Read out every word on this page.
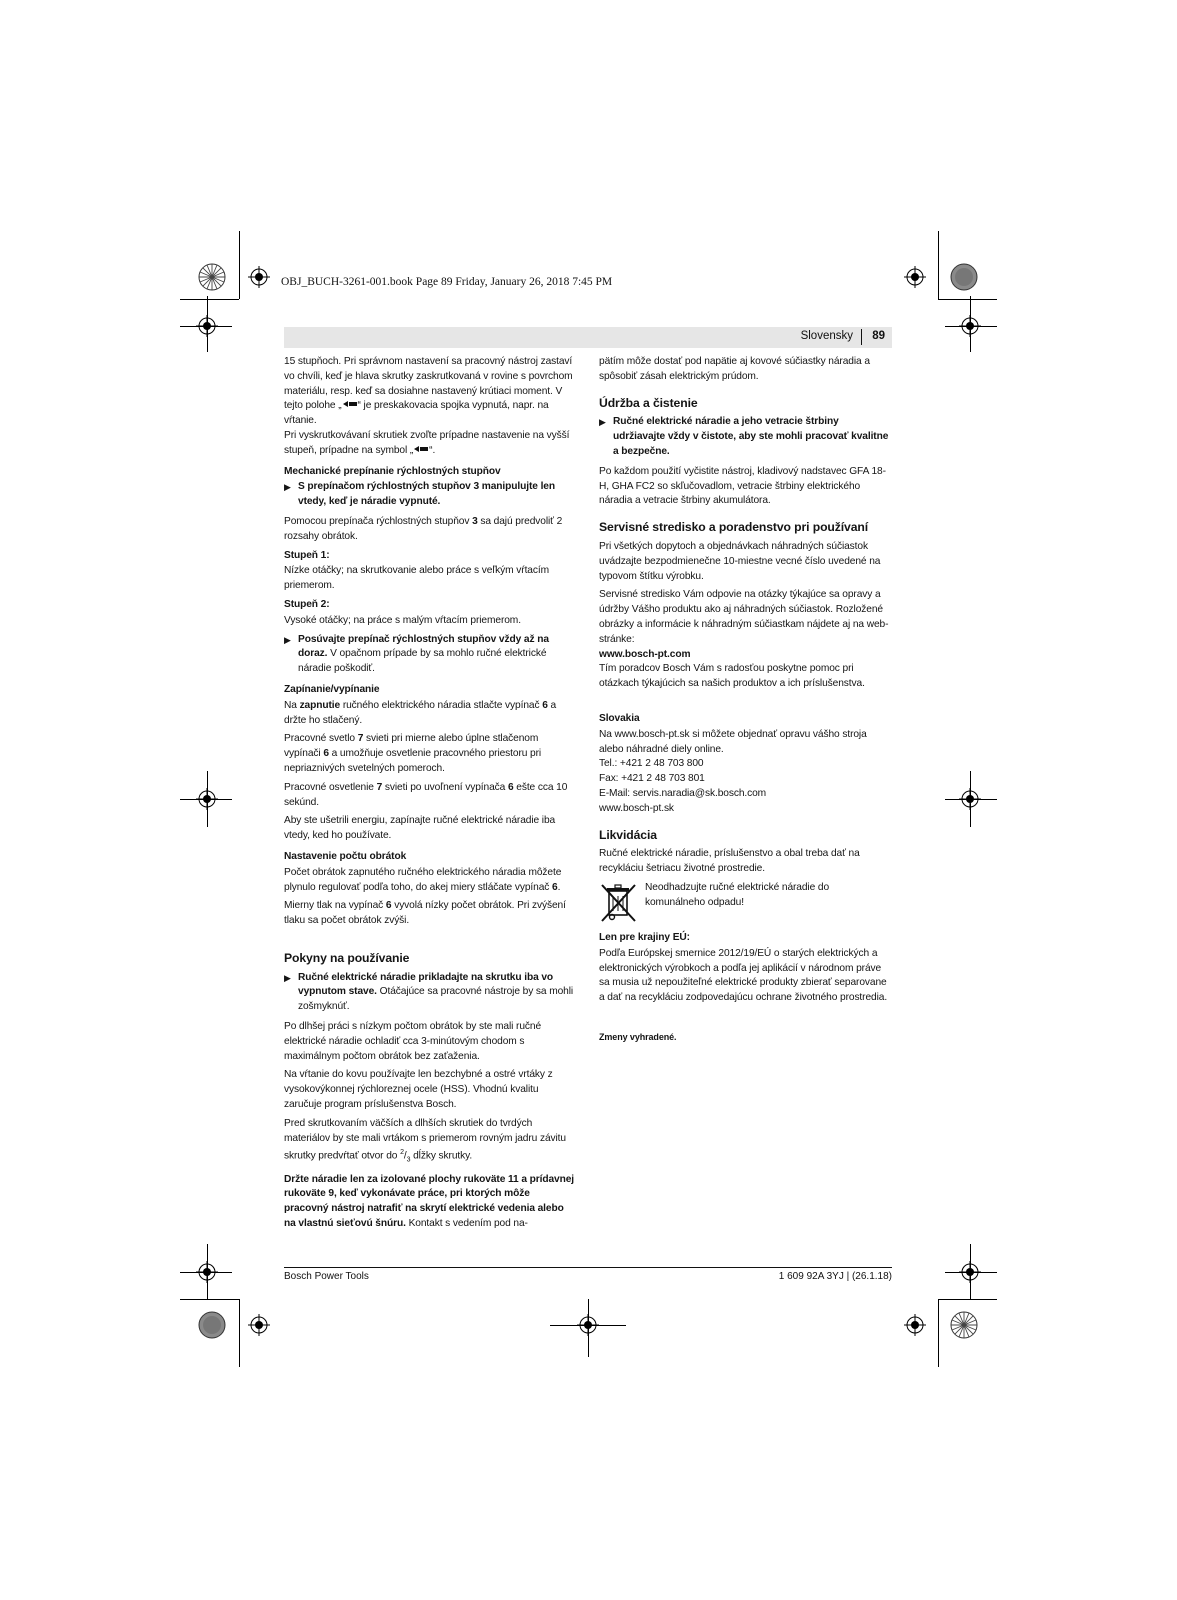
OBJ_BUCH-3261-001.book Page 89 Friday, January 26, 2018 7:45 PM
Slovensky 89

15 stupňoch. Pri správnom nastavení sa pracovný nástroj zastaví vo chvíli, keď je hlava skrutky zaskrutkovaná v rovine s povrchom materiálu, resp. keď sa dosiahne nastavený krútiaci moment. V tejto polohe „ “ je preskakovacia spojka vypnutá, napr. na vŕtanie.

Pri vyskrutkovávaní skrutiek zvoľte prípadne nastavenie na vyšší stupeň, prípadne na symbol „ “.

Mechanické prepínanie rýchlostných stupňov
▶ S prepínačom rýchlostných stupňov 3 manipulujte len vtedy, keď je náradie vypnuté.

Pomocou prepínača rýchlostných stupňov 3 sa dajú predvoliť 2 rozsahy obrátok.

Stupeň 1:

Nízke otáčky; na skrutkovanie alebo práce s veľkým vŕtacím priemerom.

Stupeň 2:

Vysoké otáčky; na práce s malým vŕtacím priemerom.

▶ Posúvajte prepínač rýchlostných stupňov vždy až na doraz. V opačnom prípade by sa mohlo ručné elektrické náradie poškodiť.
Zapínanie/vypínanie

Na zapnutie ručného elektrického náradia stlačte vypínač 6 a držte ho stlačený.

Pracovné svetlo 7 svieti pri mierne alebo úplne stlačenom vypínači 6 a umožňuje osvetlenie pracovného priestoru pri nepriaznivých svetelných pomeroch.

Pracovné osvetlenie 7 svieti po uvoľnení vypínača 6 ešte cca 10 sekúnd.

Aby ste ušetrili energiu, zapínajte ručné elektrické náradie iba vtedy, ked ho používate.

Nastavenie počtu obrátok

Počet obrátok zapnutého ručného elektrického náradia môžete plynulo regulovať podľa toho, do akej miery stláčate vypínač 6.

Mierny tlak na vypínač 6 vyvolá nízky počet obrátok. Pri zvýšení tlaku sa počet obrátok zvýši.

Pokyny na používanie
▶ Ručné elektrické náradie prikladajte na skrutku iba vo vypnutom stave. Otáčajúce sa pracovné nástroje by sa mohli zošmyknúť.

Po dlhšej práci s nízkym počtom obrátok by ste mali ručné elektrické náradie ochladiť cca 3-minútovým chodom s maximálnym počtom obrátok bez zaťaženia.

Na vŕtanie do kovu používajte len bezchybné a ostré vrtáky z vysokovýkonnej rýchloreznej ocele (HSS). Vhodnú kvalitu zaručuje program príslušenstva Bosch.

Pred skrutkovaním väčších a dlhších skrutiek do tvrdých materiálov by ste mali vrtákom s priemerom rovným jadru závitu skrutky predvŕtať otvor do $^2/_3$ dĺžky skrutky.

Držte náradie len za izolované plochy rukoväte 11 a prídavnej rukoväte 9, keď vykonávate práce, pri ktorých môže pracovný nástroj natrafiť na skrytí elektrické vedenia alebo na vlastnú sieťovú šnúru. Kontakt s vedením pod na-

pätím môže dostať pod napätie aj kovové súčiastky náradia a spôsobiť zásah elektrickým prúdom.

Údržba a čistenie
▶ Ručné elektrické náradie a jeho vetracie štrbiny udržiavajte vždy v čistote, aby ste mohli pracovať kvalitne a bezpečne.

Po každom použití vyčistite nástroj, kladivový nadstavec GFA 18-H, GHA FC2 so skľučovadlom, vetracie štrbiny elektrického náradia a vetracie štrbiny akumulátora.

Servisné stredisko a poradenstvo pri používaní

Pri všetkých dopytoch a objednávkach náhradných súčiastok uvádzajte bezpodmienečne 10-miestne vecné číslo uvedené na typovom štítku výrobku.

Servisné stredisko Vám odpovie na otázky týkajúce sa opravy a údržby Vášho produktu ako aj náhradných súčiastok. Rozložené obrázky a informácie k náhradným súčiastkam nájdete aj na web-stránke:

www.bosch-pt.com

Tím poradcov Bosch Vám s radosťou poskytne pomoc pri otázkach týkajúcich sa našich produktov a ich príslušenstva.

Slovakia

Na www.bosch-pt.sk si môžete objednať opravu vášho stroja alebo náhradné diely online.

Tel.: +421 2 48 703 800
Fax: +421 2 48 703 801
E-Mail: servis.naradia@sk.bosch.com
www.bosch-pt.sk
Likvidácia

Ručné elektrické náradie, príslušenstvo a obal treba dať na recykláciu šetriacu životné prostredie.

Neodhadzujte ručné elektrické náradie do komunálneho odpadu!
Len pre krajiny EÚ:

Podľa Európskej smernice 2012/19/EÚ o starých elektrických a elektronických výrobkoch a podľa jej aplikácií v národnom práve sa musia už nepoužiteľné elektrické produkty zbierať separovane a dať na recykláciu zodpovedajúcu ochrane životného prostredia.

Zmeny vyhradené.

Bosch Power Tools	1 609 92A 3YJ | (26.1.18)
